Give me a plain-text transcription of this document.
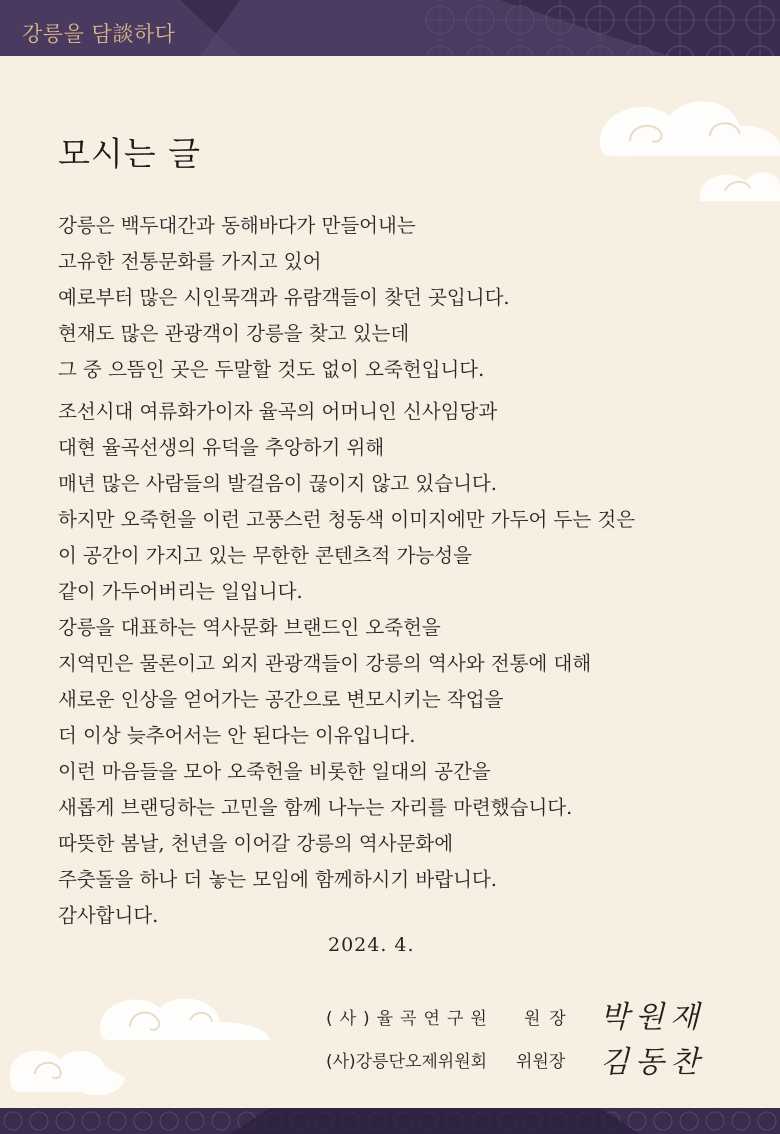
강릉을 담談하다
모시는 글
강릉은 백두대간과 동해바다가 만들어내는
고유한 전통문화를 가지고 있어
예로부터 많은 시인묵객과 유람객들이 찾던 곳입니다.
현재도 많은 관광객이 강릉을 찾고 있는데
그 중 으뜸인 곳은 두말할 것도 없이 오죽헌입니다.
조선시대 여류화가이자 율곡의 어머니인 신사임당과
대현 율곡선생의 유덕을 추앙하기 위해
매년 많은 사람들의 발걸음이 끊이지 않고 있습니다.
하지만 오죽헌을 이런 고풍스런 청동색 이미지에만 가두어 두는 것은
이 공간이 가지고 있는 무한한 콘텐츠적 가능성을
같이 가두어버리는 일입니다.
강릉을 대표하는 역사문화 브랜드인 오죽헌을
지역민은 물론이고 외지 관광객들이 강릉의 역사와 전통에 대해
새로운 인상을 얻어가는 공간으로 변모시키는 작업을
더 이상 늦추어서는 안 된다는 이유입니다.
이런 마음들을 모아 오죽헌을 비롯한 일대의 공간을
새롭게 브랜딩하는 고민을 함께 나누는 자리를 마련했습니다.
따뜻한 봄날, 천년을 이어갈 강릉의 역사문화에
주춧돌을 하나 더 놓는 모임에 함께하시기 바랍니다.
감사합니다.
2024. 4.
(사)율곡연구원 원장 박원재
(사)강릉단오제위원회 위원장 김동찬
